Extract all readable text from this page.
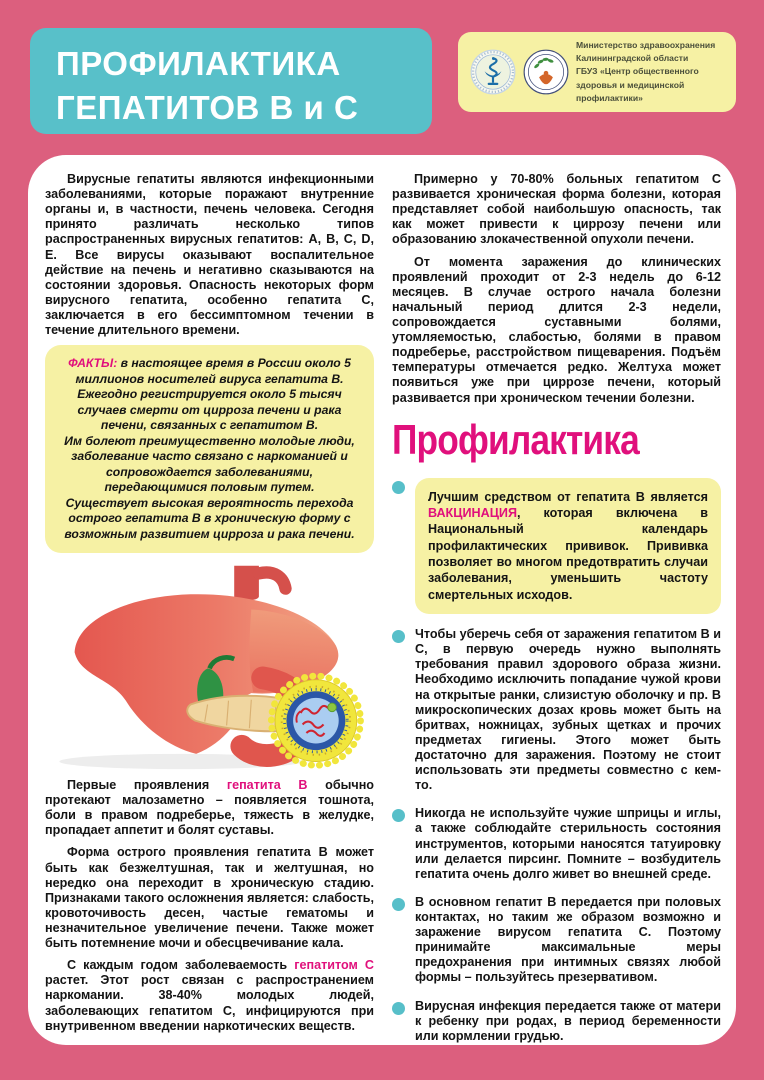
ПРОФИЛАКТИКА
ГЕПАТИТОВ В и С
Министерство здравоохранения
Калининградской области
ГБУЗ «Центр общественного
здоровья и медицинской профилактики»

Вирусные гепатиты являются инфекционными заболеваниями, которые поражают внутренние органы и, в частности, печень человека. Сегодня принято различать несколько типов распространенных вирусных гепатитов: А, В, С, D, Е. Все вирусы оказывают воспалительное действие на печень и негативно сказываются на состоянии здоровья. Опасность некоторых форм вирусного гепатита, особенно гепатита С, заключается в его бессимптомном течении в течение длительного времени.

ФАКТЫ: в настоящее время в России около 5 миллионов носителей вируса гепатита В. Ежегодно регистрируется около 5 тысяч случаев смерти от цирроза печени и рака печени, связанных с гепатитом В.

Им болеют преимущественно молодые люди, заболевание часто связано с наркоманией и сопровождается заболеваниями, передающимися половым путем.

Существует высокая вероятность перехода острого гепатита В в хроническую форму с возможным развитием цирроза и рака печени.

Первые проявления гепатита В обычно протекают малозаметно – появляется тошнота, боли в правом подреберье, тяжесть в желудке, пропадает аппетит и болят суставы.

Форма острого проявления гепатита В может быть как безжелтушная, так и желтушная, но нередко она переходит в хроническую стадию. Признаками такого осложнения является: слабость, кровоточивость десен, частые гематомы и незначительное увеличение печени. Также может быть потемнение мочи и обесцвечивание кала.

С каждым годом заболеваемость гепатитом С растет. Этот рост связан с распространением наркомании. 38-40% молодых людей, заболевающих гепатитом С, инфицируются при внутривенном введении наркотических веществ.

Примерно у 70-80% больных гепатитом С развивается хроническая форма болезни, которая представляет собой наибольшую опасность, так как может привести к циррозу печени или образованию злокачественной опухоли печени.

От момента заражения до клинических проявлений проходит от 2-3 недель до 6-12 месяцев. В случае острого начала болезни начальный период длится 2-3 недели, сопровождается суставными болями, утомляемостью, слабостью, болями в правом подреберье, расстройством пищеварения. Подъём температуры отмечается редко. Желтуха может появиться уже при циррозе печени, который развивается при хроническом течении болезни.

Профилактика
Лучшим средством от гепатита В является ВАКЦИНАЦИЯ, которая включена в Национальный календарь профилактических прививок. Прививка позволяет во многом предотвратить случаи заболевания, уменьшить частоту смертельных исходов.

Чтобы уберечь себя от заражения гепатитом В и С, в первую очередь нужно выполнять требования правил здорового образа жизни. Необходимо исключить попадание чужой крови на открытые ранки, слизистую оболочку и пр. В микроскопических дозах кровь может быть на бритвах, ножницах, зубных щетках и прочих предметах гигиены. Этого может быть достаточно для заражения. Поэтому не стоит использовать эти предметы совместно с кем-то.

Никогда не используйте чужие шприцы и иглы, а также соблюдайте стерильность состояния инструментов, которыми наносятся татуировку или делается пирсинг. Помните – возбудитель гепатита очень долго живет во внешней среде.

В основном гепатит В передается при половых контактах, но таким же образом возможно и заражение вирусом гепатита С. Поэтому принимайте максимальные меры предохранения при интимных связях любой формы – пользуйтесь презервативом.

Вирусная инфекция передается также от матери к ребенку при родах, в период беременности или кормлении грудью.
